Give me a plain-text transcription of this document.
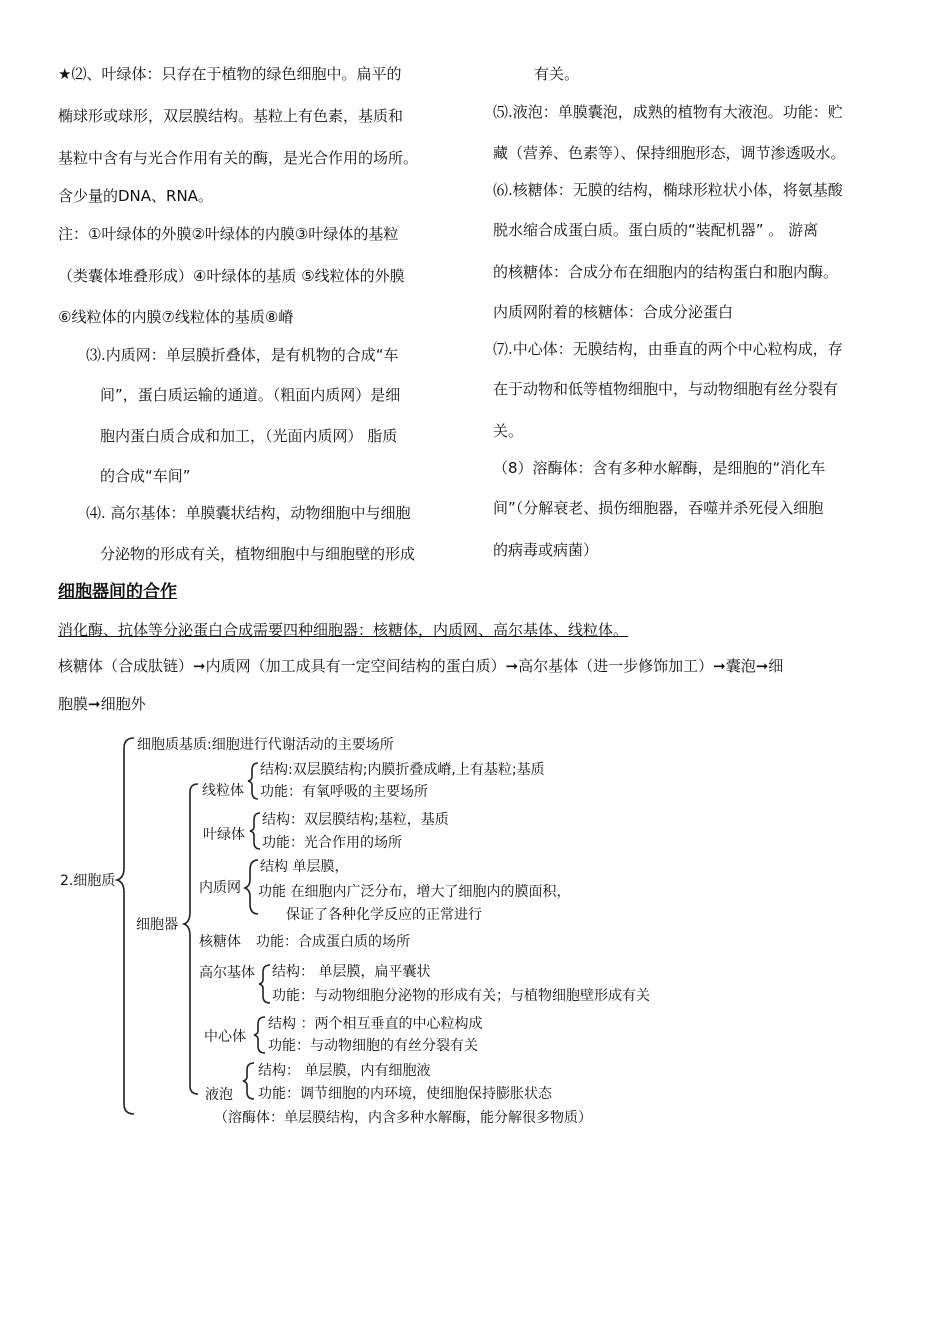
★⑵、叶绿体：只存在于植物的绿色细胞中。扁平的
椭球形或球形，双层膜结构。基粒上有色素，基质和
基粒中含有与光合作用有关的酶，是光合作用的场所。
含少量的DNA、RNA。
注：①叶绿体的外膜②叶绿体的内膜③叶绿体的基粒
（类囊体堆叠形成）④叶绿体的基质 ⑤线粒体的外膜
⑥线粒体的内膜⑦线粒体的基质⑧嵴
⑶.内质网：单层膜折叠体，是有机物的合成“车
间”，蛋白质运输的通道。（粗面内质网）是细
胞内蛋白质合成和加工，（光面内质网） 脂质
的合成“车间”
⑷. 高尔基体：单膜囊状结构，动物细胞中与细胞
分泌物的形成有关，植物细胞中与细胞壁的形成
有关。
⑸.液泡：单膜囊泡，成熟的植物有大液泡。功能：贮
藏（营养、色素等）、保持细胞形态，调节渗透吸水。
⑹.核糖体：无膜的结构，椭球形粒状小体，将氨基酸
脱水缩合成蛋白质。蛋白质的“装配机器” 。 游离
的核糖体：合成分布在细胞内的结构蛋白和胞内酶。
内质网附着的核糖体：合成分泌蛋白
⑺.中心体：无膜结构，由垂直的两个中心粒构成，存
在于动物和低等植物细胞中，与动物细胞有丝分裂有
关。
（8）溶酶体：含有多种水解酶，是细胞的“消化车
间”（分解衰老、损伤细胞器，吞噬并杀死侵入细胞
的病毒或病菌）
细胞器间的合作
消化酶、抗体等分泌蛋白合成需要四种细胞器：核糖体，内质网、高尔基体、线粒体。
核糖体（合成肽链）➞内质网（加工成具有一定空间结构的蛋白质）➞高尔基体（进一步修饰加工）➞囊泡➞细
胞膜➞细胞外
2.细胞质
细胞质基质:细胞进行代谢活动的主要场所
细胞器
线粒体
结构:双层膜结构;内膜折叠成嵴,上有基粒;基质
功能：有氧呼吸的主要场所
叶绿体
结构：双层膜结构;基粒，基质
功能：光合作用的场所
内质网
结构 单层膜，
功能 在细胞内广泛分布，增大了细胞内的膜面积，
保证了各种化学反应的正常进行
核糖体 功能：合成蛋白质的场所
高尔基体 结构： 单层膜，扁平囊状
功能：与动物细胞分泌物的形成有关；与植物细胞壁形成有关
中心体
结构 ：两个相互垂直的中心粒构成
功能：与动物细胞的有丝分裂有关
液泡
结构： 单层膜，内有细胞液
功能：调节细胞的内环境，使细胞保持膨胀状态
（溶酶体：单层膜结构，内含多种水解酶，能分解很多物质）
